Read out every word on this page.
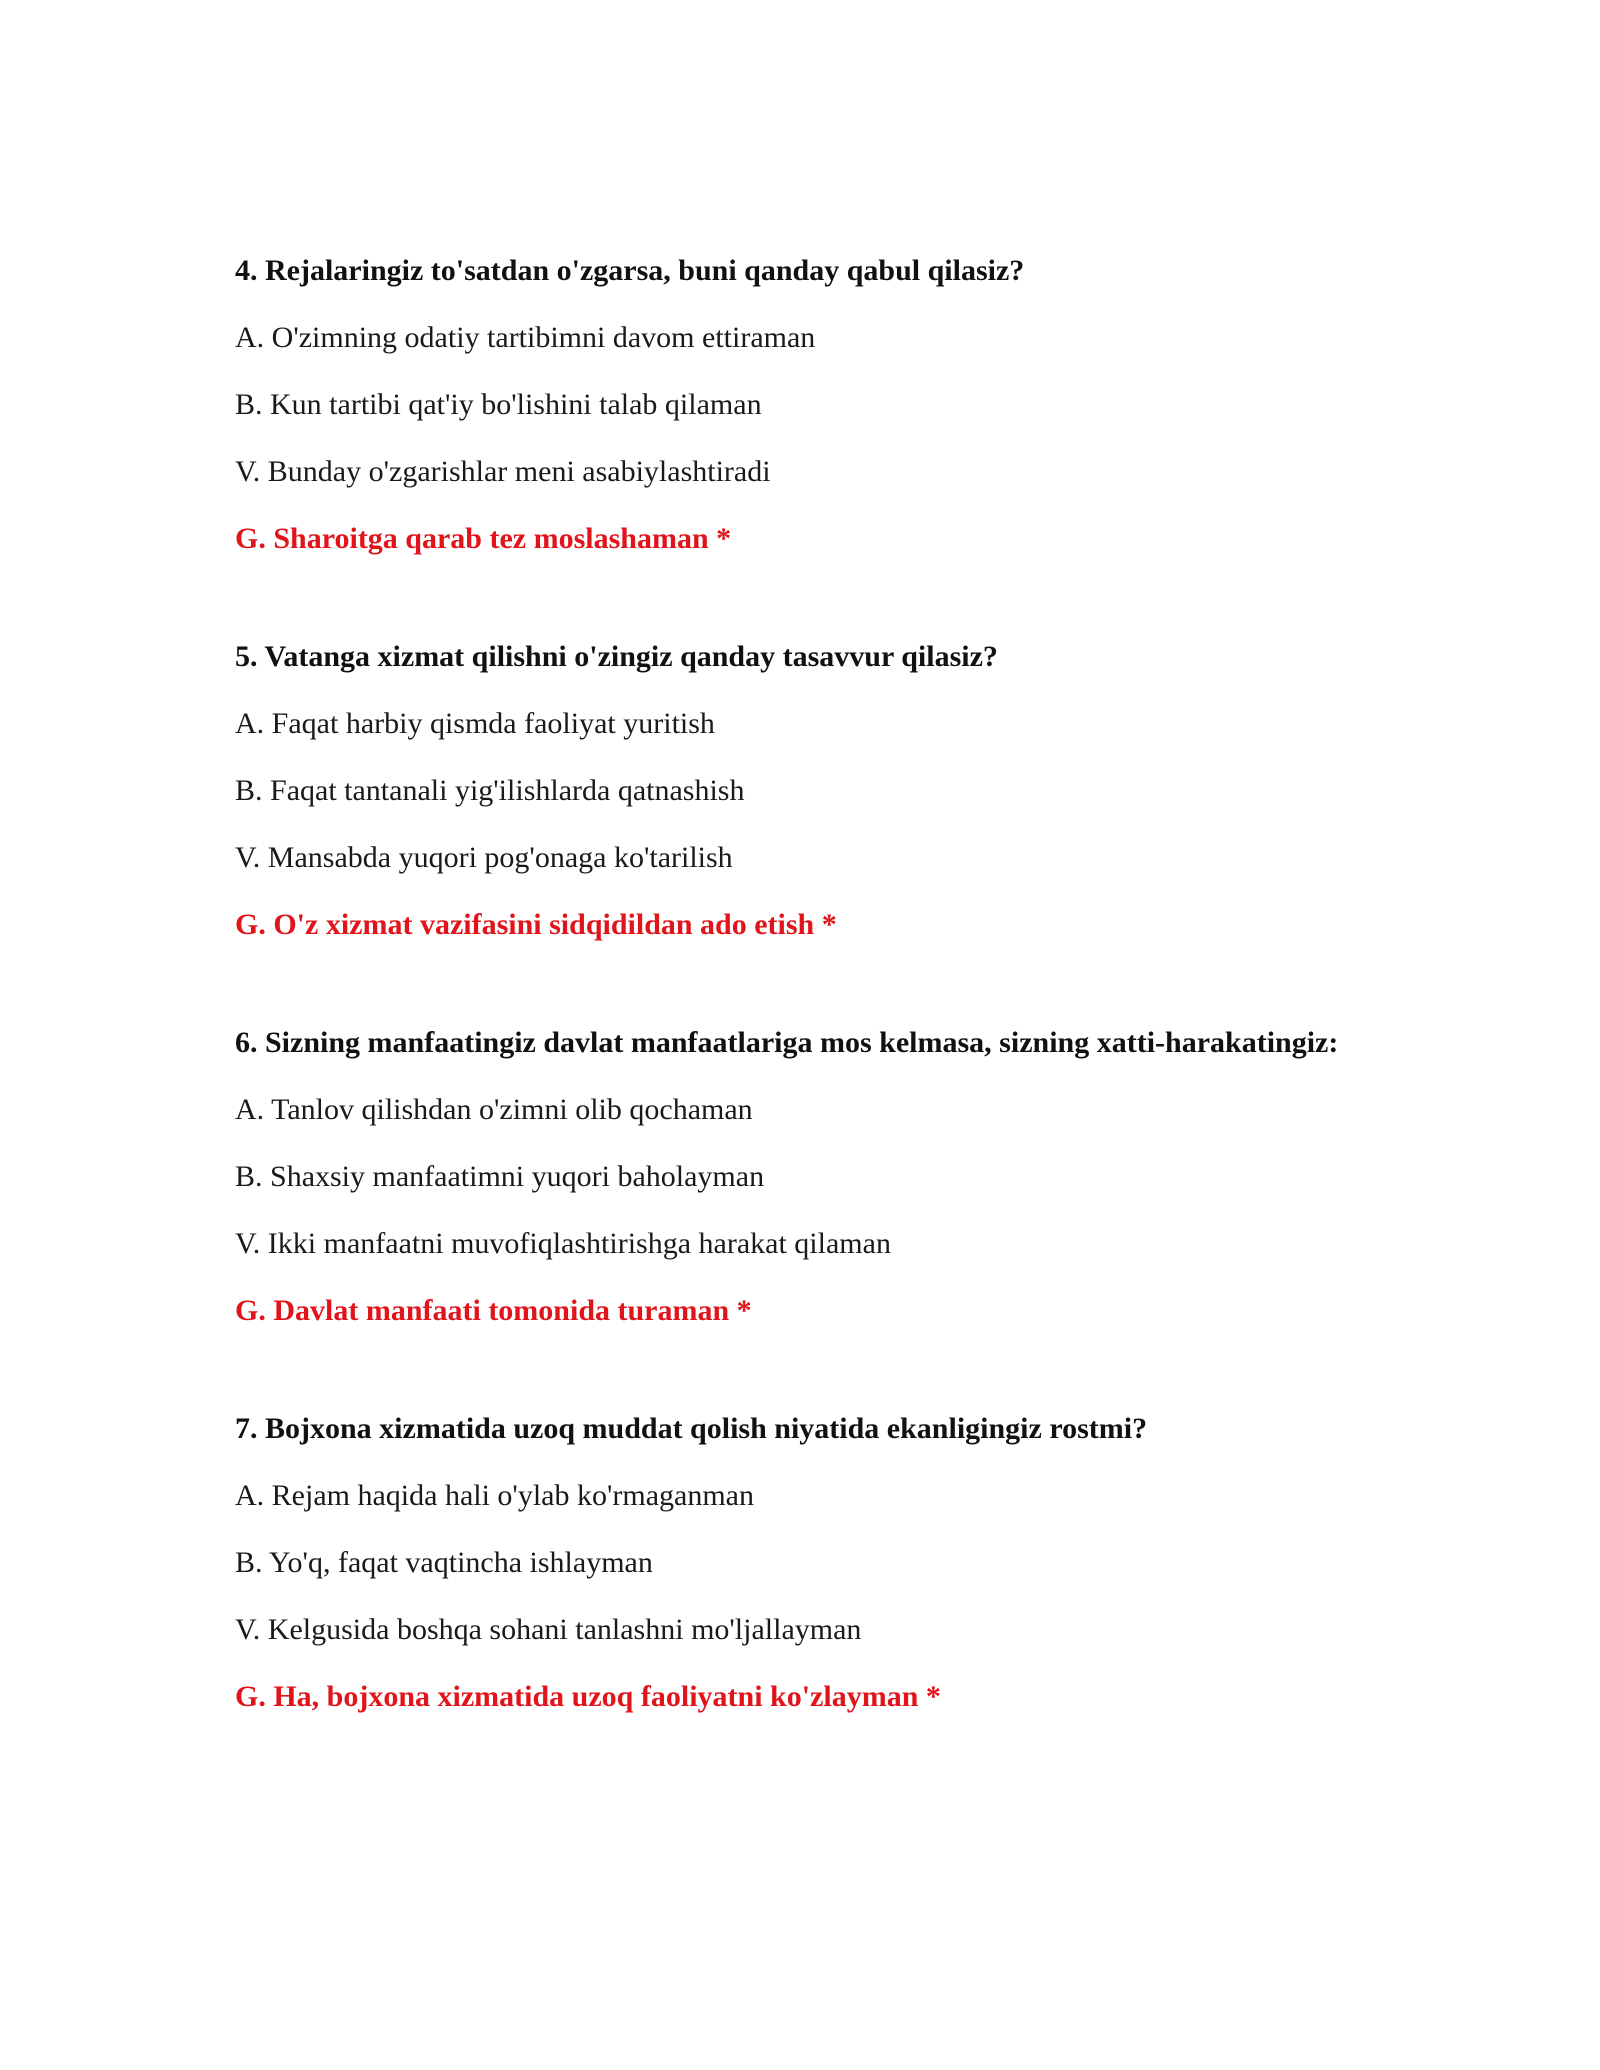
4. Rejalaringiz to'satdan o'zgarsa, buni qanday qabul qilasiz?
A. O'zimning odatiy tartibimni davom ettiraman
B. Kun tartibi qat'iy bo'lishini talab qilaman
V. Bunday o'zgarishlar meni asabiylashtiradi
G. Sharoitga qarab tez moslashaman *
5. Vatanga xizmat qilishni o'zingiz qanday tasavvur qilasiz?
A. Faqat harbiy qismda faoliyat yuritish
B. Faqat tantanali yig'ilishlarda qatnashish
V. Mansabda yuqori pog'onaga ko'tarilish
G. O'z xizmat vazifasini sidqidildan ado etish *
6. Sizning manfaatingiz davlat manfaatlariga mos kelmasa, sizning xatti-harakatingiz:
A. Tanlov qilishdan o'zimni olib qochaman
B. Shaxsiy manfaatimni yuqori baholayman
V. Ikki manfaatni muvofiqlashtirishga harakat qilaman
G. Davlat manfaati tomonida turaman *
7. Bojxona xizmatida uzoq muddat qolish niyatida ekanligingiz rostmi?
A. Rejam haqida hali o'ylab ko'rmaganman
B. Yo'q, faqat vaqtincha ishlayman
V. Kelgusida boshqa sohani tanlashni mo'ljallayman
G. Ha, bojxona xizmatida uzoq faoliyatni ko'zlayman *
